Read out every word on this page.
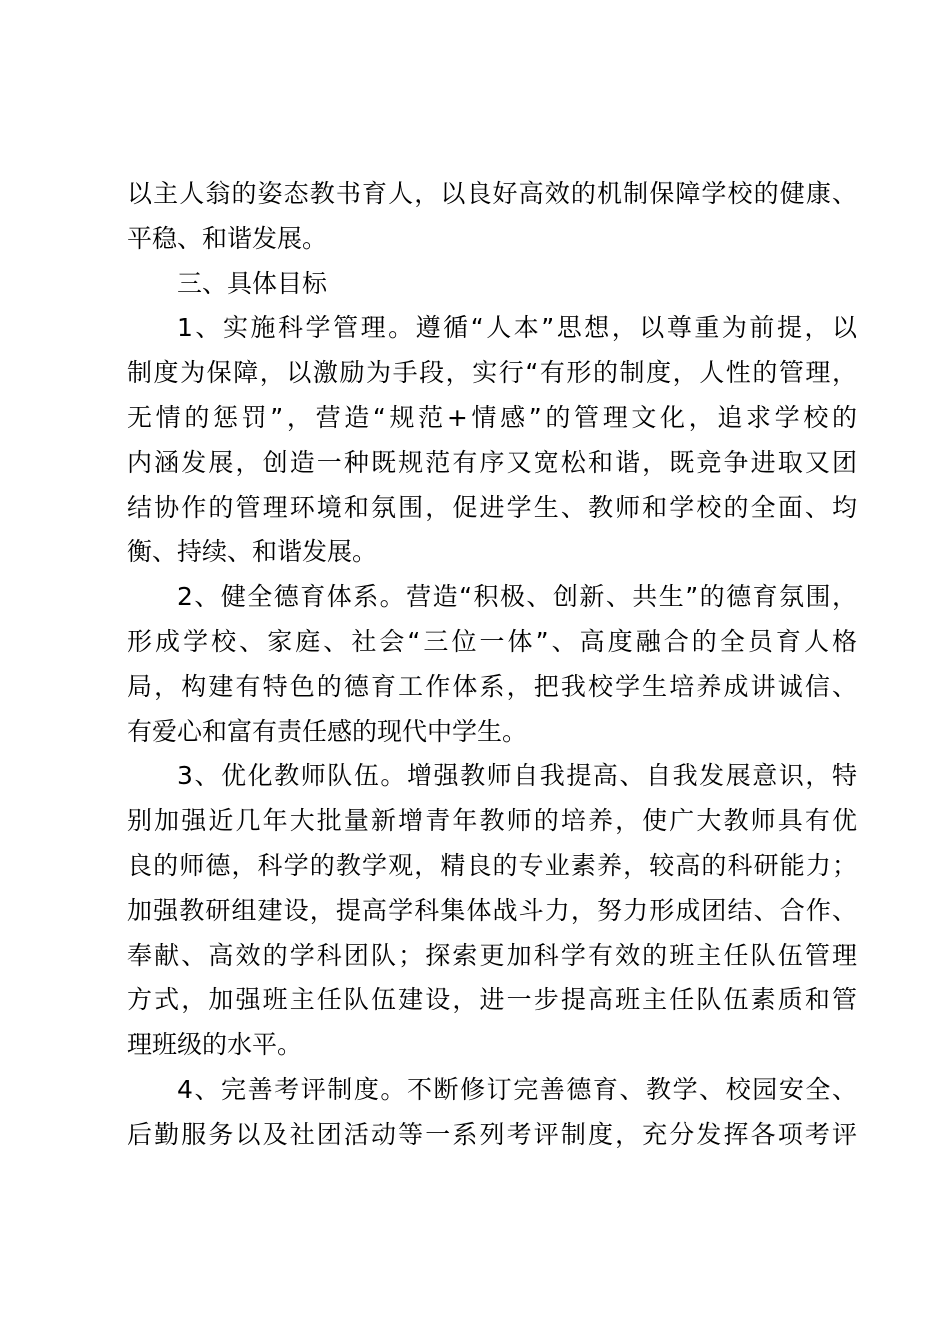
以主人翁的姿态教书育人，以良好高效的机制保障学校的健康、
平稳、和谐发展。
三、具体目标
1、实施科学管理。遵循“人本”思想，以尊重为前提，以
制度为保障，以激励为手段，实行“有形的制度，人性的管理，
无情的惩罚”，营造“规范+情感”的管理文化，追求学校的
内涵发展，创造一种既规范有序又宽松和谐，既竞争进取又团
结协作的管理环境和氛围，促进学生、教师和学校的全面、均
衡、持续、和谐发展。
2、健全德育体系。营造“积极、创新、共生”的德育氛围，
形成学校、家庭、社会“三位一体”、高度融合的全员育人格
局，构建有特色的德育工作体系，把我校学生培养成讲诚信、
有爱心和富有责任感的现代中学生。
3、优化教师队伍。增强教师自我提高、自我发展意识，特
别加强近几年大批量新增青年教师的培养，使广大教师具有优
良的师德，科学的教学观，精良的专业素养，较高的科研能力；
加强教研组建设，提高学科集体战斗力，努力形成团结、合作、
奉献、高效的学科团队；探索更加科学有效的班主任队伍管理
方式，加强班主任队伍建设，进一步提高班主任队伍素质和管
理班级的水平。
4、完善考评制度。不断修订完善德育、教学、校园安全、
后勤服务以及社团活动等一系列考评制度，充分发挥各项考评
